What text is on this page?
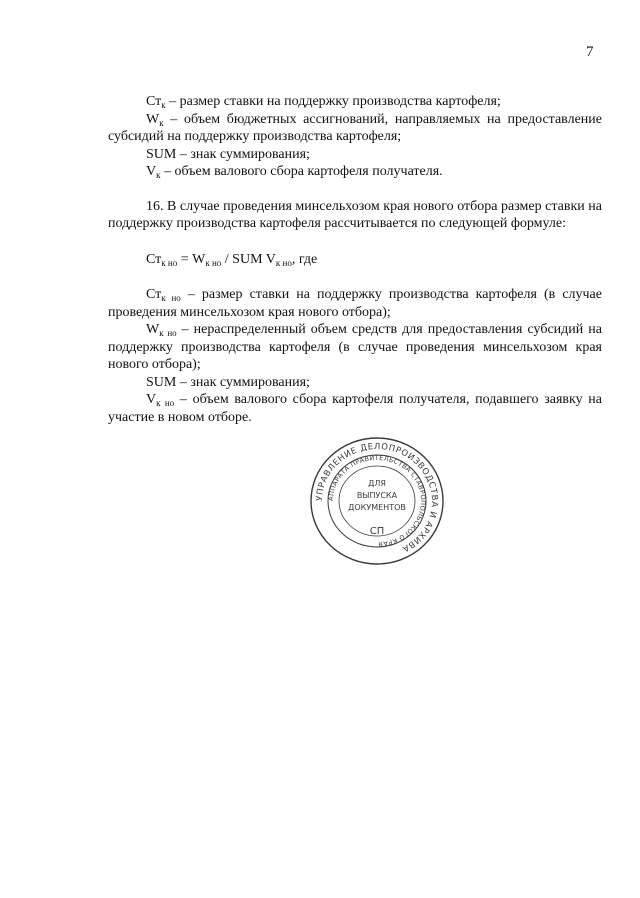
7

$Ст_к$ – размер ставки на поддержку производства картофеля;

$W_к$ – объем бюджетных ассигнований, направляемых на предоставление субсидий на поддержку производства картофеля;

SUM – знак суммирования;

$V_к$ – объем валового сбора картофеля получателя.

16. В случае проведения минсельхозом края нового отбора размер ставки на поддержку производства картофеля рассчитывается по следующей формуле:

$Ст_{к но} = W_{к но}$ / SUM $V_{к но}$, где

$Ст_{к но}$ – размер ставки на поддержку производства картофеля (в случае проведения минсельхозом края нового отбора);

$W_{к но}$ – нераспределенный объем средств для предоставления субсидий на поддержку производства картофеля (в случае проведения минсельхозом края нового отбора);

SUM – знак суммирования;

$V_{к но}$ – объем валового сбора картофеля получателя, подавшего заявку на участие в новом отборе.

УПРАВЛЕНИЕ ДЕЛОПРОИЗВОДСТВА И АРХИВА
АППАРАТА ПРАВИТЕЛЬСТВА СТАВРОПОЛЬСКОГО КРАЯ
ДЛЯ
ВЫПУСКА
ДОКУМЕНТОВ
СП
